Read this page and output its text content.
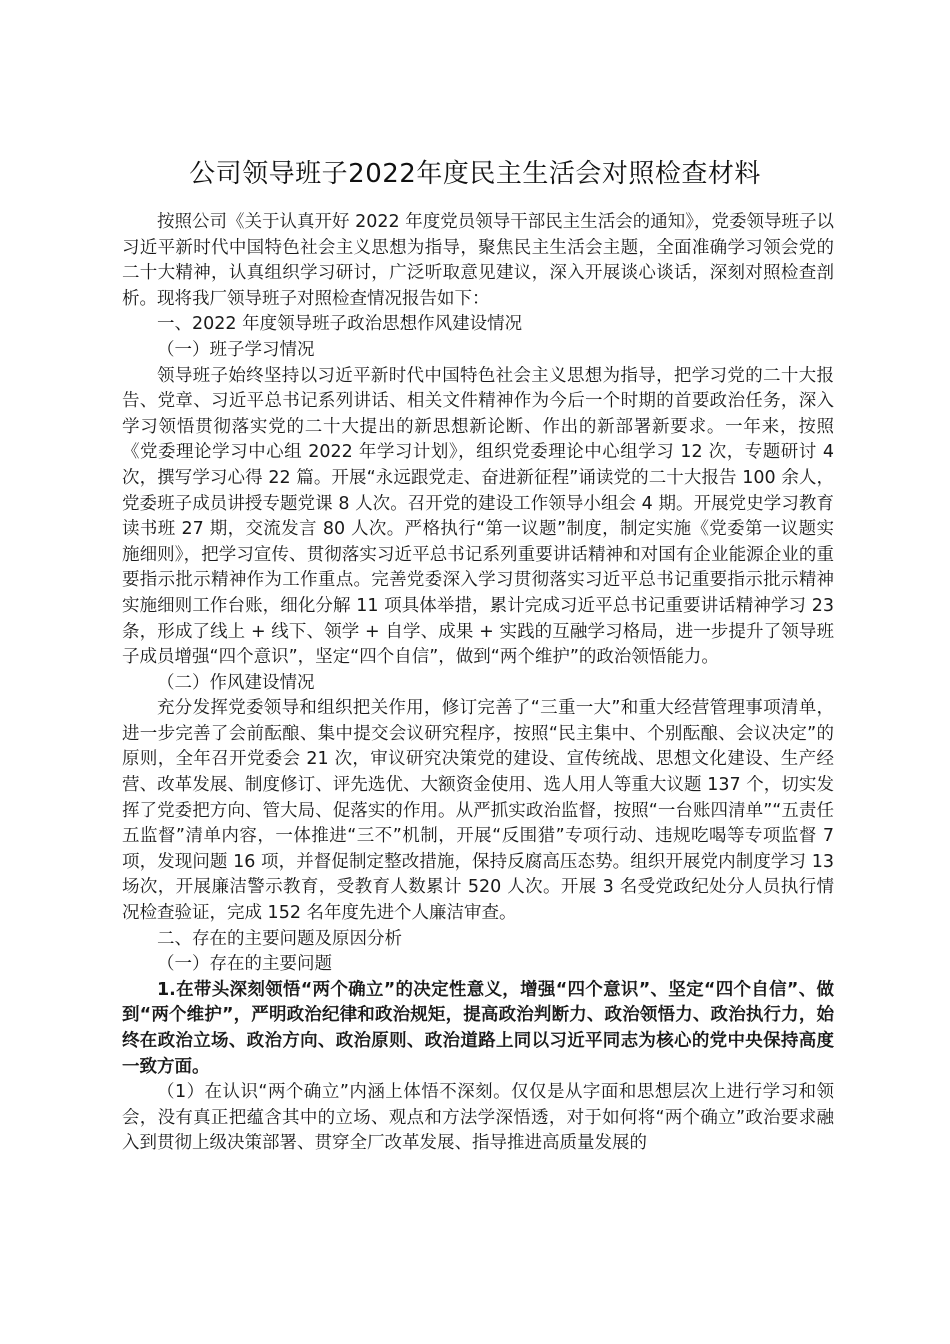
公司领导班子2022年度民主生活会对照检查材料

按照公司《关于认真开好 2022 年度党员领导干部民主生活会的通知》，党委领导班子以习近平新时代中国特色社会主义思想为指导，聚焦民主生活会主题，全面准确学习领会党的二十大精神，认真组织学习研讨，广泛听取意见建议，深入开展谈心谈话，深刻对照检查剖析。现将我厂领导班子对照检查情况报告如下：

一、2022 年度领导班子政治思想作风建设情况

（一）班子学习情况

领导班子始终坚持以习近平新时代中国特色社会主义思想为指导，把学习党的二十大报告、党章、习近平总书记系列讲话、相关文件精神作为今后一个时期的首要政治任务，深入学习领悟贯彻落实党的二十大提出的新思想新论断、作出的新部署新要求。一年来，按照《党委理论学习中心组 2022 年学习计划》，组织党委理论中心组学习 12 次，专题研讨 4 次，撰写学习心得 22 篇。开展“永远跟党走、奋进新征程”诵读党的二十大报告 100 余人，党委班子成员讲授专题党课 8 人次。召开党的建设工作领导小组会 4 期。开展党史学习教育读书班 27 期，交流发言 80 人次。严格执行“第一议题”制度，制定实施《党委第一议题实施细则》，把学习宣传、贯彻落实习近平总书记系列重要讲话精神和对国有企业能源企业的重要指示批示精神作为工作重点。完善党委深入学习贯彻落实习近平总书记重要指示批示精神实施细则工作台账，细化分解 11 项具体举措，累计完成习近平总书记重要讲话精神学习 23 条，形成了线上 + 线下、领学 + 自学、成果 + 实践的互融学习格局，进一步提升了领导班子成员增强“四个意识”，坚定“四个自信”，做到“两个维护”的政治领悟能力。

（二）作风建设情况

充分发挥党委领导和组织把关作用，修订完善了“三重一大”和重大经营管理事项清单，进一步完善了会前酝酿、集中提交会议研究程序，按照“民主集中、个别酝酿、会议决定”的原则，全年召开党委会 21 次，审议研究决策党的建设、宣传统战、思想文化建设、生产经营、改革发展、制度修订、评先选优、大额资金使用、选人用人等重大议题 137 个，切实发挥了党委把方向、管大局、促落实的作用。从严抓实政治监督，按照“一台账四清单”“五责任五监督”清单内容，一体推进“三不”机制，开展“反围猎”专项行动、违规吃喝等专项监督 7 项，发现问题 16 项，并督促制定整改措施，保持反腐高压态势。组织开展党内制度学习 13 场次，开展廉洁警示教育，受教育人数累计 520 人次。开展 3 名受党政纪处分人员执行情况检查验证，完成 152 名年度先进个人廉洁审查。

二、存在的主要问题及原因分析

（一）存在的主要问题

1.在带头深刻领悟“两个确立”的决定性意义，增强“四个意识”、坚定“四个自信”、做到“两个维护”，严明政治纪律和政治规矩，提高政治判断力、政治领悟力、政治执行力，始终在政治立场、政治方向、政治原则、政治道路上同以习近平同志为核心的党中央保持高度一致方面。

（1）在认识“两个确立”内涵上体悟不深刻。仅仅是从字面和思想层次上进行学习和领会，没有真正把蕴含其中的立场、观点和方法学深悟透，对于如何将“两个确立”政治要求融入到贯彻上级决策部署、贯穿全厂改革发展、指导推进高质量发展的
